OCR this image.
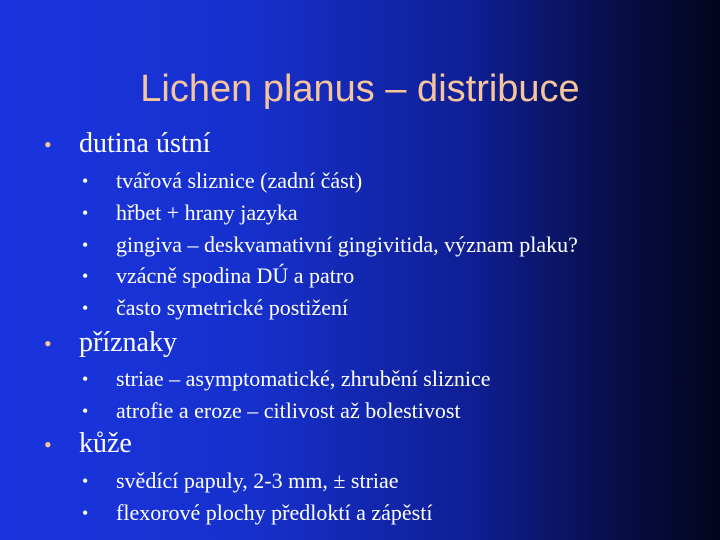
Lichen planus – distribuce
• dutina ústní
• tvářová sliznice (zadní část)
• hřbet + hrany jazyka
• gingiva – deskvamativní gingivitida, význam plaku?
• vzácně spodina DÚ a patro
• často symetrické postižení
• příznaky
• striae – asymptomatické, zhrubění sliznice
• atrofie a eroze – citlivost až bolestivost
• kůže
• svědící papuly, 2-3 mm, ± striae
• flexorové plochy předloktí a zápěstí
